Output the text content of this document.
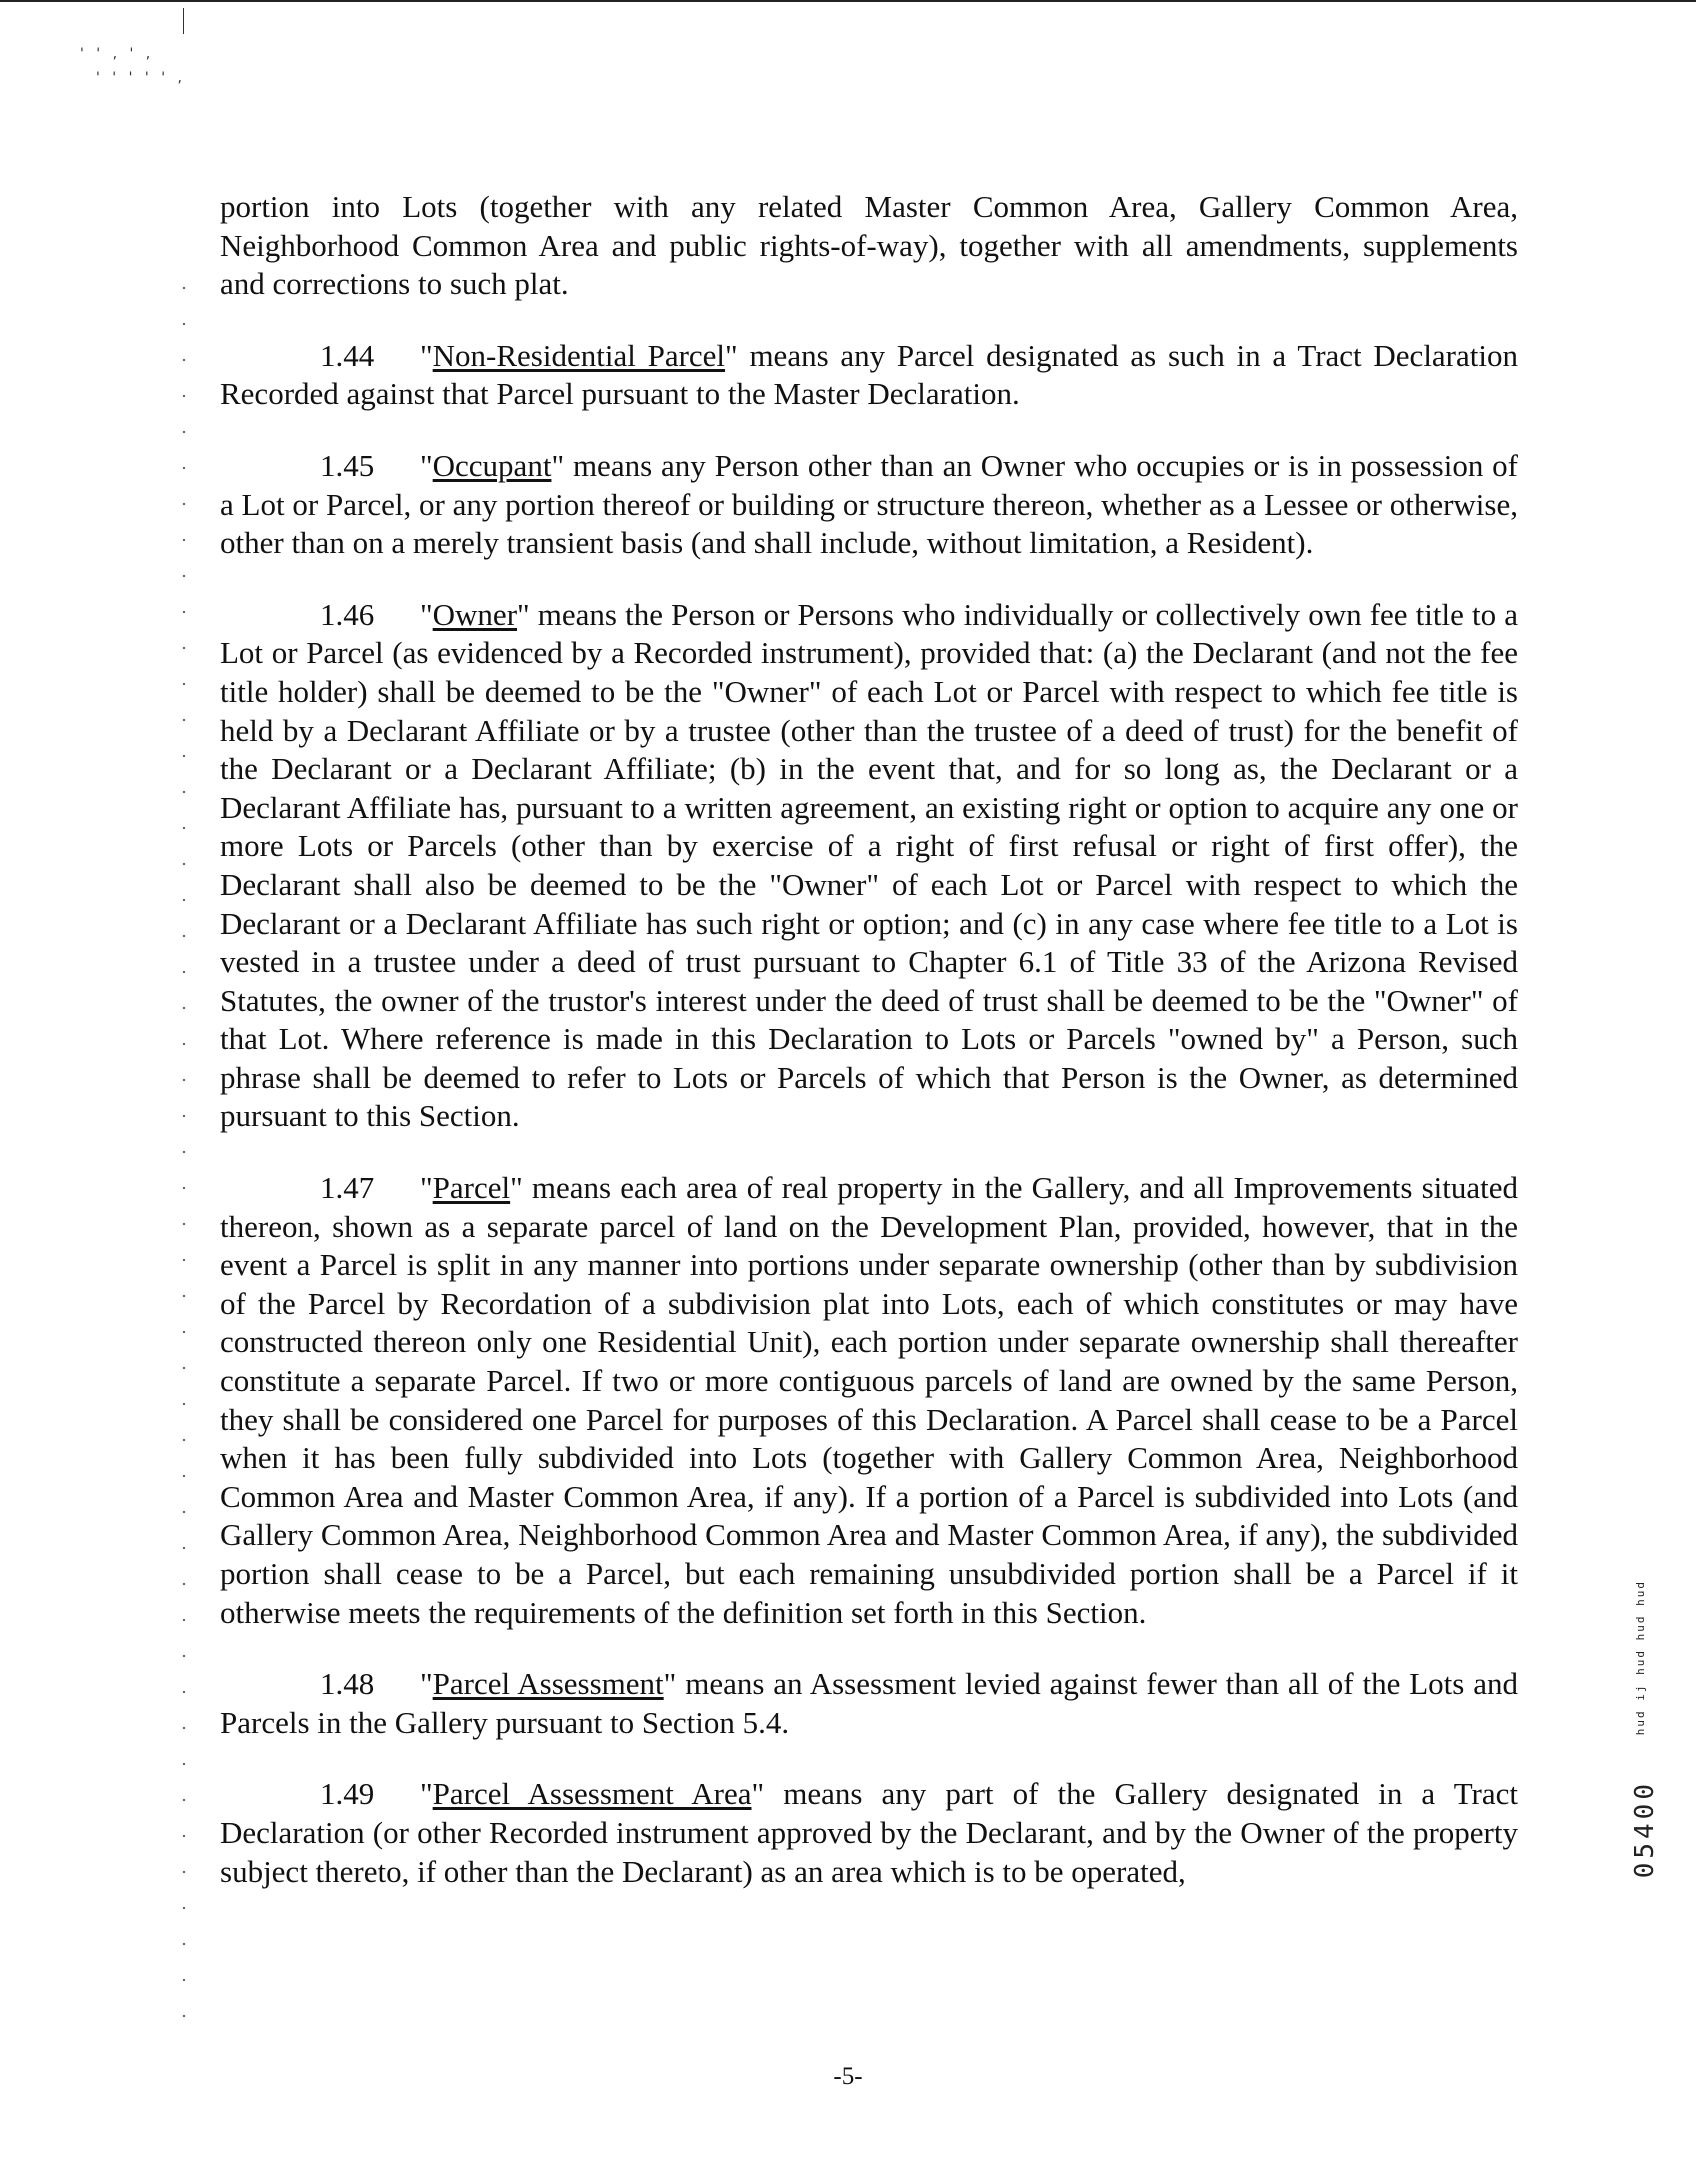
' ' , ' ,
' ' ' ' ' ,

portion into Lots (together with any related Master Common Area, Gallery Common Area, Neighborhood Common Area and public rights-of-way), together with all amendments, supplements and corrections to such plat.

1.44 "Non-Residential Parcel" means any Parcel designated as such in a Tract Declaration Recorded against that Parcel pursuant to the Master Declaration.

1.45 "Occupant" means any Person other than an Owner who occupies or is in possession of a Lot or Parcel, or any portion thereof or building or structure thereon, whether as a Lessee or otherwise, other than on a merely transient basis (and shall include, without limitation, a Resident).

1.46 "Owner" means the Person or Persons who individually or collectively own fee title to a Lot or Parcel (as evidenced by a Recorded instrument), provided that: (a) the Declarant (and not the fee title holder) shall be deemed to be the "Owner" of each Lot or Parcel with respect to which fee title is held by a Declarant Affiliate or by a trustee (other than the trustee of a deed of trust) for the benefit of the Declarant or a Declarant Affiliate; (b) in the event that, and for so long as, the Declarant or a Declarant Affiliate has, pursuant to a written agreement, an existing right or option to acquire any one or more Lots or Parcels (other than by exercise of a right of first refusal or right of first offer), the Declarant shall also be deemed to be the "Owner" of each Lot or Parcel with respect to which the Declarant or a Declarant Affiliate has such right or option; and (c) in any case where fee title to a Lot is vested in a trustee under a deed of trust pursuant to Chapter 6.1 of Title 33 of the Arizona Revised Statutes, the owner of the trustor's interest under the deed of trust shall be deemed to be the "Owner" of that Lot. Where reference is made in this Declaration to Lots or Parcels "owned by" a Person, such phrase shall be deemed to refer to Lots or Parcels of which that Person is the Owner, as determined pursuant to this Section.

1.47 "Parcel" means each area of real property in the Gallery, and all Improvements situated thereon, shown as a separate parcel of land on the Development Plan, provided, however, that in the event a Parcel is split in any manner into portions under separate ownership (other than by subdivision of the Parcel by Recordation of a subdivision plat into Lots, each of which constitutes or may have constructed thereon only one Residential Unit), each portion under separate ownership shall thereafter constitute a separate Parcel. If two or more contiguous parcels of land are owned by the same Person, they shall be considered one Parcel for purposes of this Declaration. A Parcel shall cease to be a Parcel when it has been fully subdivided into Lots (together with Gallery Common Area, Neighborhood Common Area and Master Common Area, if any). If a portion of a Parcel is subdivided into Lots (and Gallery Common Area, Neighborhood Common Area and Master Common Area, if any), the subdivided portion shall cease to be a Parcel, but each remaining unsubdivided portion shall be a Parcel if it otherwise meets the requirements of the definition set forth in this Section.

1.48 "Parcel Assessment" means an Assessment levied against fewer than all of the Lots and Parcels in the Gallery pursuant to Section 5.4.

1.49 "Parcel Assessment Area" means any part of the Gallery designated in a Tract Declaration (or other Recorded instrument approved by the Declarant, and by the Owner of the property subject thereto, if other than the Declarant) as an area which is to be operated,

hud ij hud hud hud
05400
-5-
